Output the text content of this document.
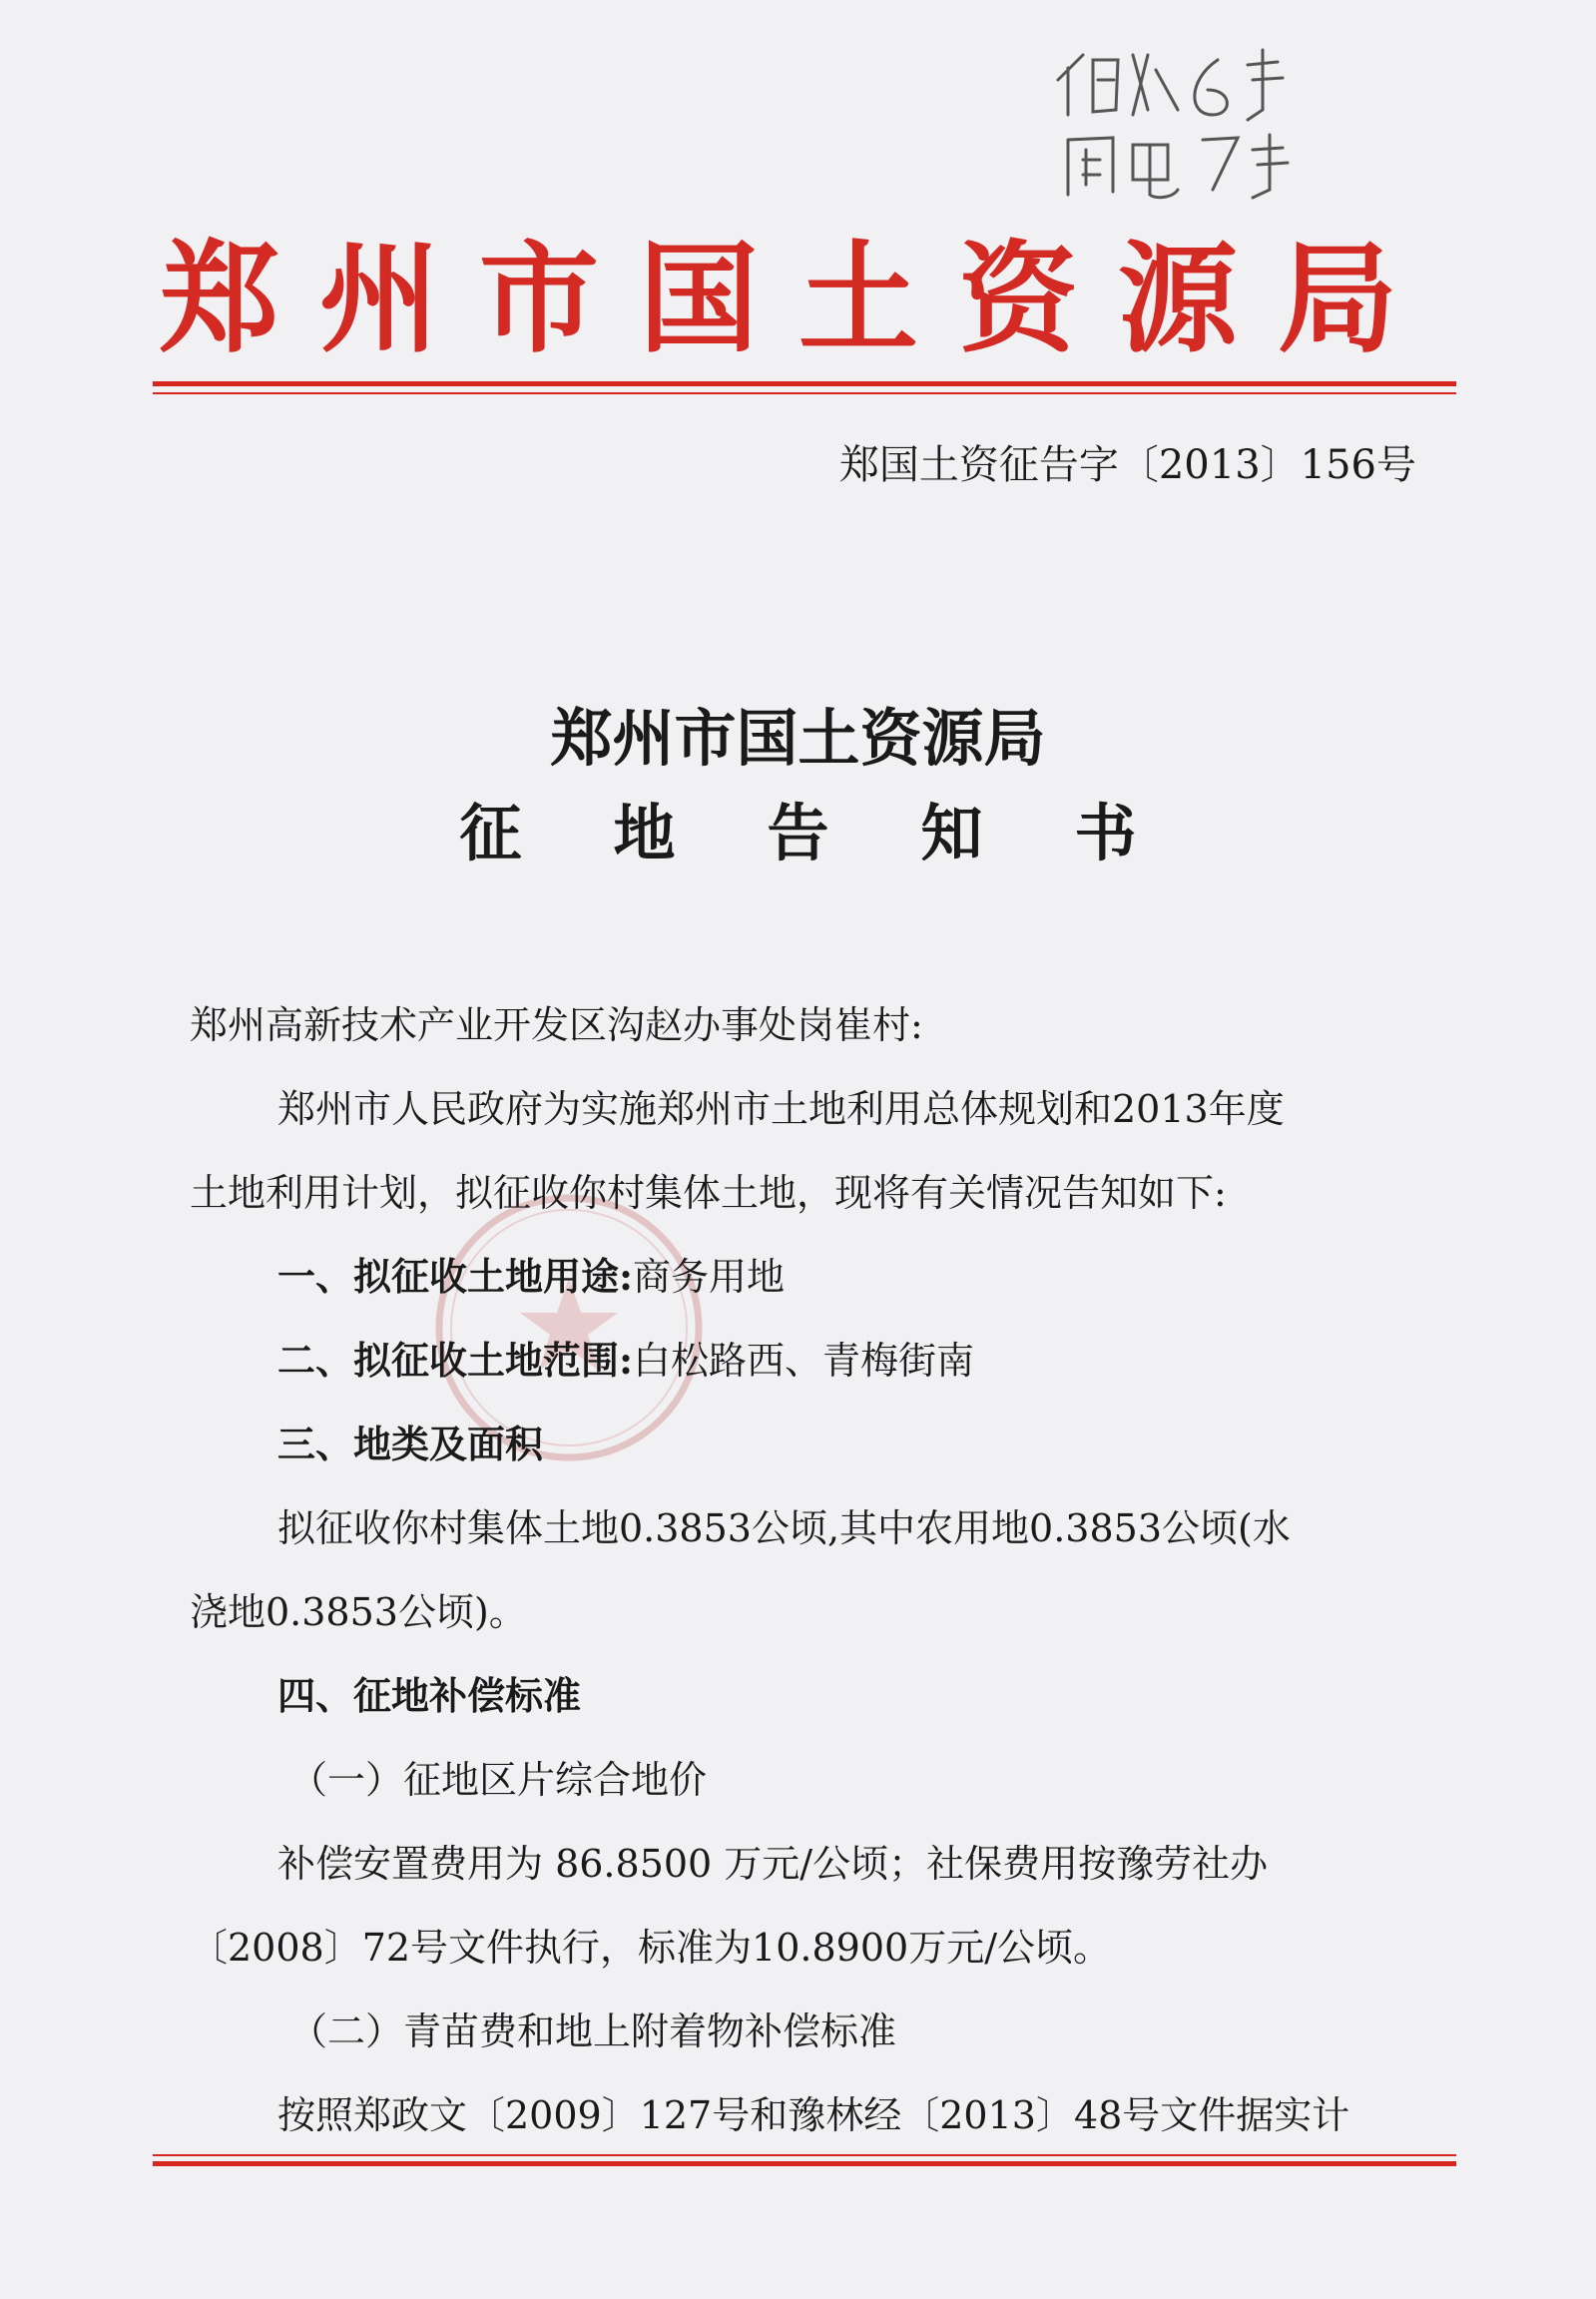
郑州市国土资源局
郑国土资征告字〔2013〕156号
郑州市国土资源局
征地告知书

郑州高新技术产业开发区沟赵办事处岗崔村:

郑州市人民政府为实施郑州市土地利用总体规划和2013年度

土地利用计划，拟征收你村集体土地，现将有关情况告知如下:

一、拟征收土地用途:商务用地

二、拟征收土地范围:白松路西、青梅街南

三、地类及面积

拟征收你村集体土地0.3853公顷,其中农用地0.3853公顷(水

浇地0.3853公顷)。

四、征地补偿标准

（一）征地区片综合地价

补偿安置费用为 86.8500 万元/公顷；社保费用按豫劳社办

〔2008〕72号文件执行，标准为10.8900万元/公顷。

（二）青苗费和地上附着物补偿标准

按照郑政文〔2009〕127号和豫林经〔2013〕48号文件据实计
